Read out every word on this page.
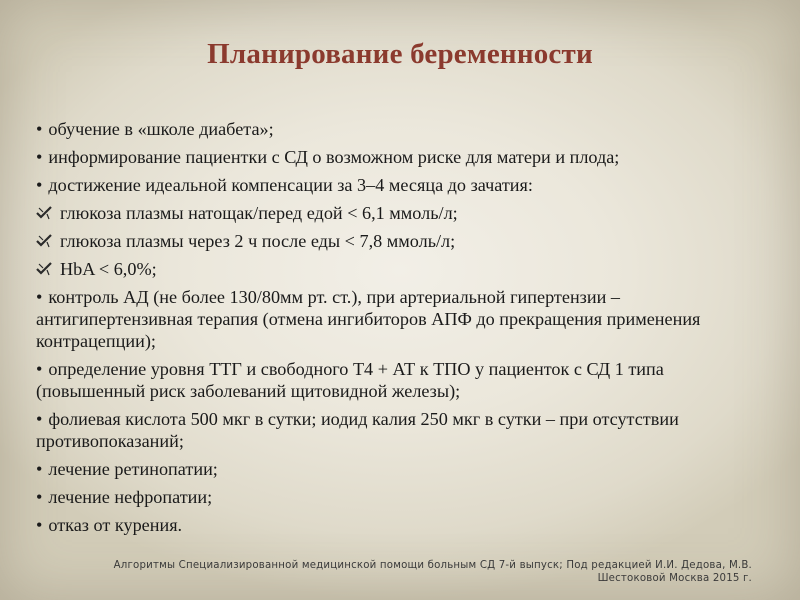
Планирование беременности
• обучение в «школе диабета»;
• информирование пациентки с СД о возможном риске для матери и плода;
• достижение идеальной компенсации за 3–4 месяца до зачатия:
глюкоза плазмы натощак/перед едой < 6,1 ммоль/л;
глюкоза плазмы через 2 ч после еды < 7,8 ммоль/л;
HbA < 6,0%;
• контроль АД (не более 130/80мм рт. ст.), при артериальной гипертензии – антигипертензивная терапия (отмена ингибиторов АПФ до прекращения применения контрацепции);
• определение уровня ТТГ и свободного Т4 + АТ к ТПО у пациенток с СД 1 типа (повышенный риск заболеваний щитовидной железы);
• фолиевая кислота 500 мкг в сутки; иодид калия 250 мкг в сутки – при отсутствии противопоказаний;
• лечение ретинопатии;
• лечение нефропатии;
• отказ от курения.
Алгоритмы Специализированной медицинской помощи больным СД 7-й выпуск; Под редакцией И.И. Дедова, М.В.
Шестоковой Москва 2015 г.
